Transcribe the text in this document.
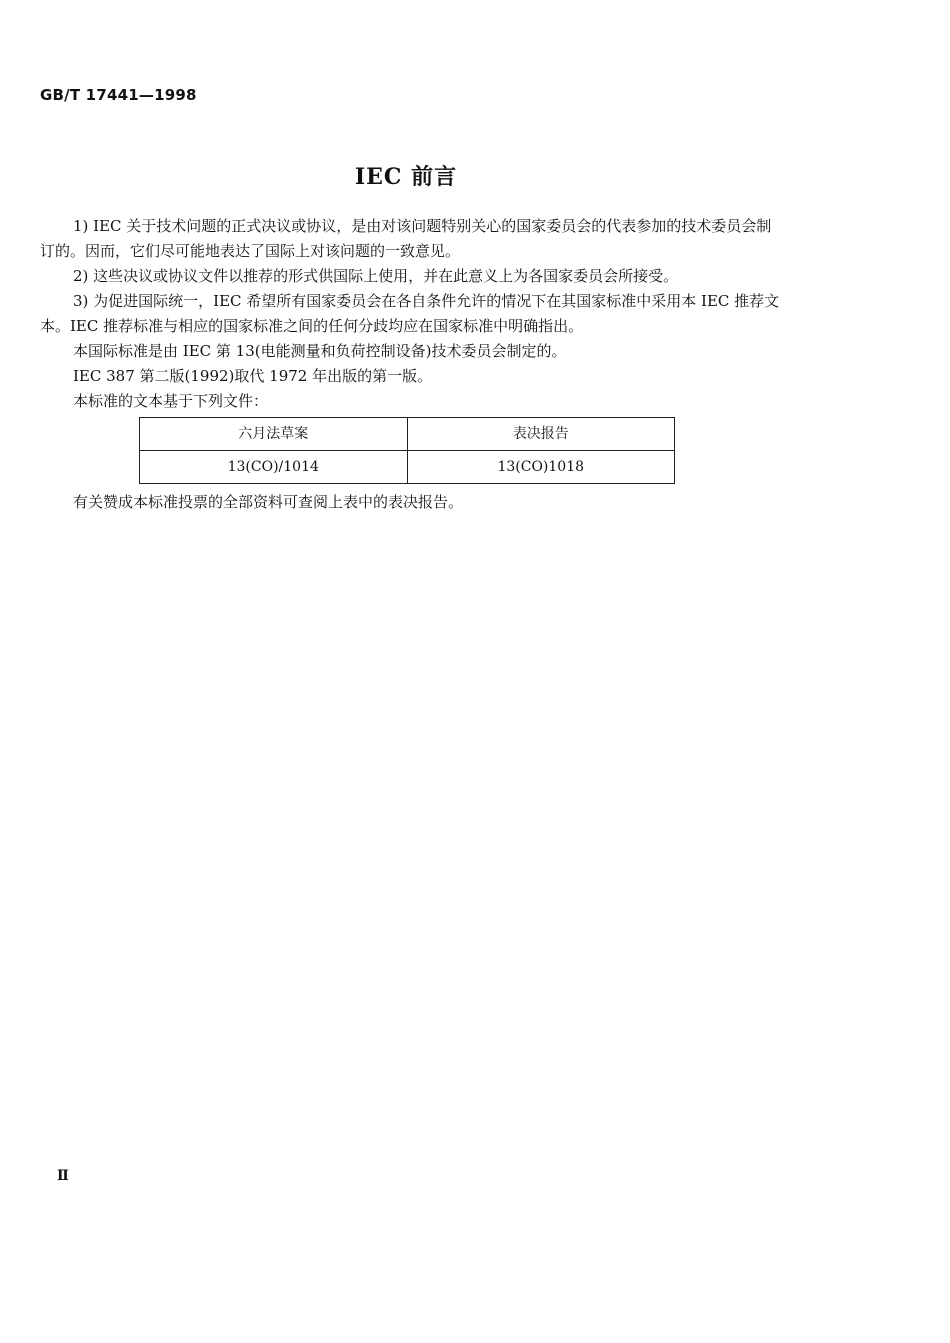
GB/T 17441—1998
IEC 前言

1) IEC 关于技术问题的正式决议或协议，是由对该问题特别关心的国家委员会的代表参加的技术委员会制订的。因而，它们尽可能地表达了国际上对该问题的一致意见。

2) 这些决议或协议文件以推荐的形式供国际上使用，并在此意义上为各国家委员会所接受。

3) 为促进国际统一，IEC 希望所有国家委员会在各自条件允许的情况下在其国家标准中采用本 IEC 推荐文本。IEC 推荐标准与相应的国家标准之间的任何分歧均应在国家标准中明确指出。

本国际标准是由 IEC 第 13(电能测量和负荷控制设备)技术委员会制定的。

IEC 387 第二版(1992)取代 1972 年出版的第一版。

本标准的文本基于下列文件：

六月法草案	表决报告
13(CO)/1014	13(CO)1018

有关赞成本标准投票的全部资料可查阅上表中的表决报告。

Ⅱ
